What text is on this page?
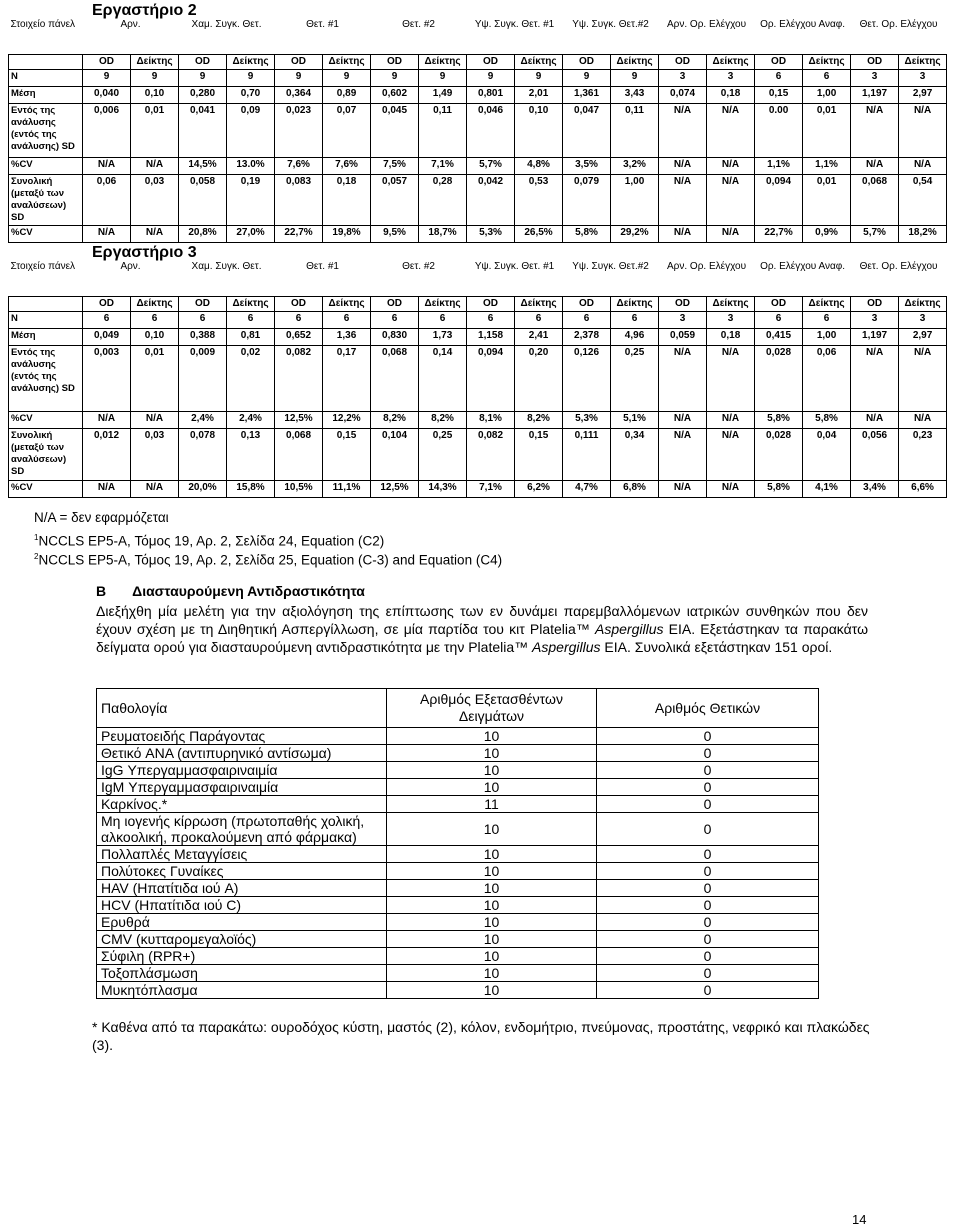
Εργαστήριο 2
Στοιχείο πάνελ	Αρν.		Χαμ. Συγκ. Θετ.		Θετ. #1		Θετ. #2		Υψ. Συγκ. Θετ. #1		Υψ. Συγκ. Θετ.#2		Αρν. Ορ. Ελέγχου		Ορ. Ελέγχου Αναφ.		Θετ. Ορ. Ελέγχου	
	OD	Δείκτης	OD	Δείκτης	OD	Δείκτης	OD	Δείκτης	OD	Δείκτης	OD	Δείκτης	OD	Δείκτης	OD	Δείκτης	OD	Δείκτης
N	9	9	9	9	9	9	9	9	9	9	9	9	3	3	6	6	3	3
Μέση	0,040	0,10	0,280	0,70	0,364	0,89	0,602	1,49	0,801	2,01	1,361	3,43	0,074	0,18	0,15	1,00	1,197	2,97
Εντός της ανάλυσης (εντός της ανάλυσης) SD	0,006	0,01	0,041	0,09	0,023	0,07	0,045	0,11	0,046	0,10	0,047	0,11	N/A	N/A	0.00	0,01	N/A	N/A
%CV	N/A	N/A	14,5%	13.0%	7,6%	7,6%	7,5%	7,1%	5,7%	4,8%	3,5%	3,2%	N/A	N/A	1,1%	1,1%	N/A	N/A
Συνολική (μεταξύ των αναλύσεων) SD	0,06	0,03	0,058	0,19	0,083	0,18	0,057	0,28	0,042	0,53	0,079	1,00	N/A	N/A	0,094	0,01	0,068	0,54
%CV	N/A	N/A	20,8%	27,0%	22,7%	19,8%	9,5%	18,7%	5,3%	26,5%	5,8%	29,2%	N/A	N/A	22,7%	0,9%	5,7%	18,2%
Εργαστήριο 3
Στοιχείο πάνελ	Αρν.		Χαμ. Συγκ. Θετ.		Θετ. #1		Θετ. #2		Υψ. Συγκ. Θετ. #1		Υψ. Συγκ. Θετ.#2		Αρν. Ορ. Ελέγχου		Ορ. Ελέγχου Αναφ.		Θετ. Ορ. Ελέγχου	
	OD	Δείκτης	OD	Δείκτης	OD	Δείκτης	OD	Δείκτης	OD	Δείκτης	OD	Δείκτης	OD	Δείκτης	OD	Δείκτης	OD	Δείκτης
N	6	6	6	6	6	6	6	6	6	6	6	6	3	3	6	6	3	3
Μέση	0,049	0,10	0,388	0,81	0,652	1,36	0,830	1,73	1,158	2,41	2,378	4,96	0,059	0,18	0,415	1,00	1,197	2,97
Εντός της ανάλυσης (εντός της ανάλυσης) SD	0,003	0,01	0,009	0,02	0,082	0,17	0,068	0,14	0,094	0,20	0,126	0,25	N/A	N/A	0,028	0,06	N/A	N/A
%CV	N/A	N/A	2,4%	2,4%	12,5%	12,2%	8,2%	8,2%	8,1%	8,2%	5,3%	5,1%	N/A	N/A	5,8%	5,8%	N/A	N/A
Συνολική (μεταξύ των αναλύσεων) SD	0,012	0,03	0,078	0,13	0,068	0,15	0,104	0,25	0,082	0,15	0,111	0,34	N/A	N/A	0,028	0,04	0,056	0,23
%CV	N/A	N/A	20,0%	15,8%	10,5%	11,1%	12,5%	14,3%	7,1%	6,2%	4,7%	6,8%	N/A	N/A	5,8%	4,1%	3,4%	6,6%
N/A = δεν εφαρμόζεται
$^1$NCCLS EP5-A, Τόμος 19, Αρ. 2, Σελίδα 24, Equation (C2)
$^2$NCCLS EP5-A, Τόμος 19, Αρ. 2, Σελίδα 25, Equation (C-3) and Equation (C4)
B Διασταυρούμενη Αντιδραστικότητα
Διεξήχθη μία μελέτη για την αξιολόγηση της επίπτωσης των εν δυνάμει παρεμβαλλόμενων ιατρικών συνθηκών που δεν έχουν σχέση με τη Διηθητική Ασπεργίλλωση, σε μία παρτίδα του κιτ Platelia™ Aspergillus EIA. Εξετάστηκαν τα παρακάτω δείγματα ορού για διασταυρούμενη αντιδραστικότητα με την Platelia™ Aspergillus EIA. Συνολικά εξετάστηκαν 151 οροί.
Παθολογία	Αριθμός Εξετασθέντων Δειγμάτων	Αριθμός Θετικών
Ρευματοειδής Παράγοντας	10	0
Θετικό ANA (αντιπυρηνικό αντίσωμα)	10	0
IgG Υπεργαμμασφαιριναιμία	10	0
IgM Υπεργαμμασφαιριναιμία	10	0
Καρκίνος.*	11	0
Μη ιογενής κίρρωση (πρωτοπαθής χολική, αλκοολική, προκαλούμενη από φάρμακα)	10	0
Πολλαπλές Μεταγγίσεις	10	0
Πολύτοκες Γυναίκες	10	0
HAV (Ηπατίτιδα ιού A)	10	0
HCV (Ηπατίτιδα ιού C)	10	0
Ερυθρά	10	0
CMV (κυτταρομεγαλοϊός)	10	0
Σύφιλη (RPR+)	10	0
Τοξοπλάσμωση	10	0
Μυκητόπλασμα	10	0
* Καθένα από τα παρακάτω: ουροδόχος κύστη, μαστός (2), κόλον, ενδομήτριο, πνεύμονας, προστάτης, νεφρικό και πλακώδες (3).
14
